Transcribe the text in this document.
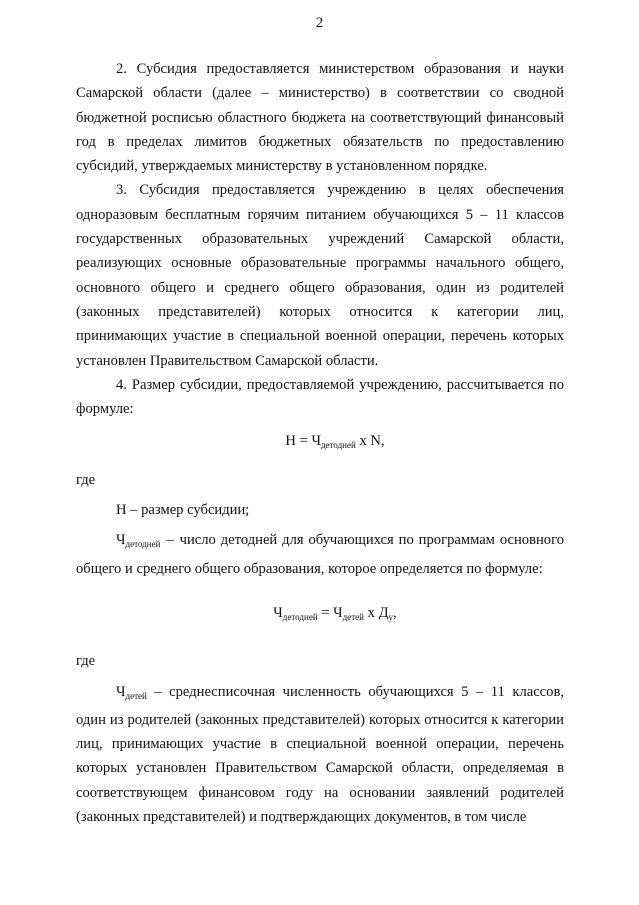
2

2. Субсидия предоставляется министерством образования и науки Самарской области (далее – министерство) в соответствии со сводной бюджетной росписью областного бюджета на соответствующий финансовый год в пределах лимитов бюджетных обязательств по предоставлению субсидий, утверждаемых министерству в установленном порядке.

3. Субсидия предоставляется учреждению в целях обеспечения одноразовым бесплатным горячим питанием обучающихся 5 – 11 классов государственных образовательных учреждений Самарской области, реализующих основные образовательные программы начального общего, основного общего и среднего общего образования, один из родителей (законных представителей) которых относится к категории лиц, принимающих участие в специальной военной операции, перечень которых установлен Правительством Самарской области.

4. Размер субсидии, предоставляемой учреждению, рассчитывается по формуле:

$Н = Ч_{детодней}$ х N,

где

Н – размер субсидии;

$Ч_{детодней}$ – число детодней для обучающихся по программам основного общего и среднего общего образования, которое определяется по формуле:

$Ч_{детодней} = Ч_{детей}$ х $Д_у$,

где

$Ч_{детей}$ – среднесписочная численность обучающихся 5 – 11 классов, один из родителей (законных представителей) которых относится к категории лиц, принимающих участие в специальной военной операции, перечень которых установлен Правительством Самарской области, определяемая в соответствующем финансовом году на основании заявлений родителей (законных представителей) и подтверждающих документов, в том числе
